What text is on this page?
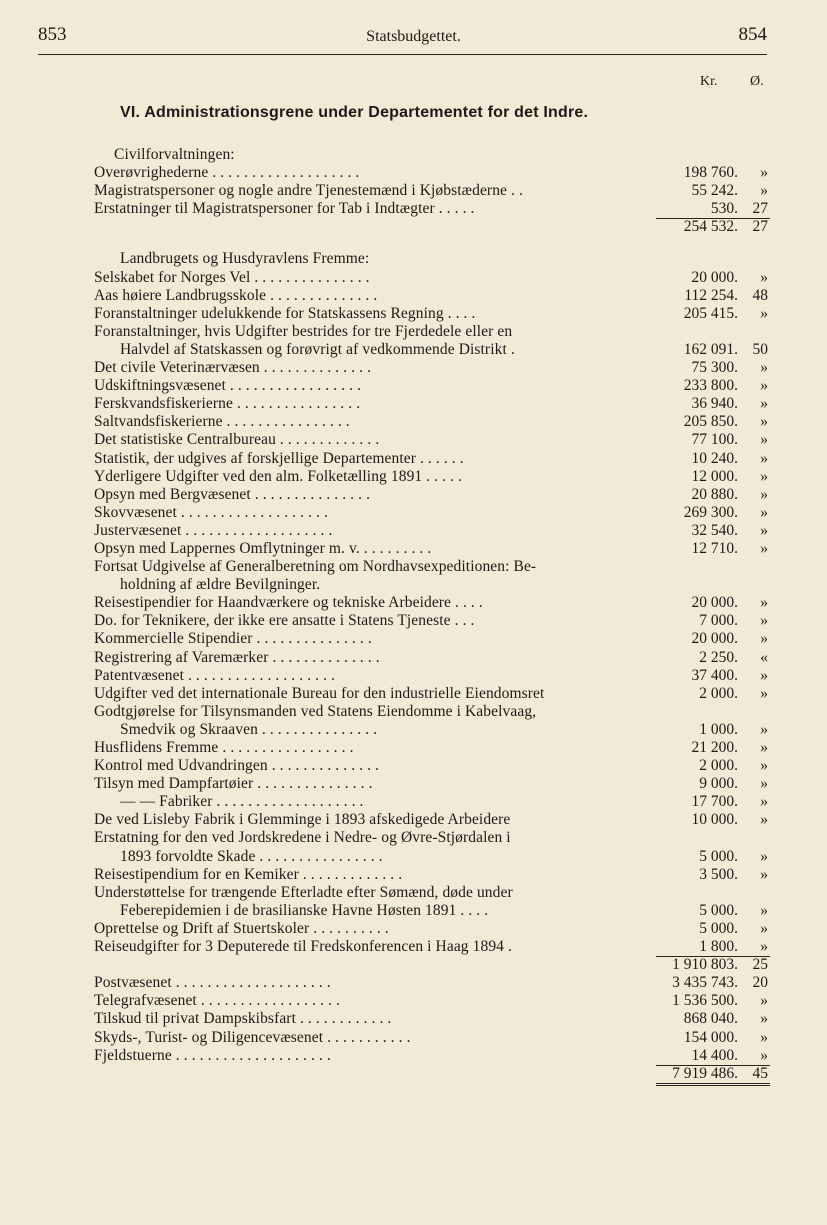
853	Statsbudgettet.	854
Kr. Ø.
VI. Administrationsgrene under Departementet for det Indre.
Civilforvaltningen:
Overøvrighederne . . . . . . . . . . . . . . . . . . .	198 760.	»
Magistratspersoner og nogle andre Tjenestemænd i Kjøbstæderne . .	55 242.	»
Erstatninger til Magistratspersoner for Tab i Indtægter . . . . .	530. 27
254 532. 27
Landbrugets og Husdyravlens Fremme:
Selskabet for Norges Vel . . . . . . . . . . . . . . .	20 000.	»
Aas høiere Landbrugsskole . . . . . . . . . . . . . .	112 254. 48
Foranstaltninger udelukkende for Statskassens Regning . . . .	205 415.	»
Foranstaltninger, hvis Udgifter bestrides for tre Fjerdedele eller en
Halvdel af Statskassen og forøvrigt af vedkommende Distrikt .	162 091. 50
Det civile Veterinærvæsen . . . . . . . . . . . . . .	75 300.	»
Udskiftningsvæsenet . . . . . . . . . . . . . . . . .	233 800.	»
Ferskvandsfiskerierne . . . . . . . . . . . . . . . .	36 940.	»
Saltvandsfiskerierne . . . . . . . . . . . . . . . .	205 850.	»
Det statistiske Centralbureau . . . . . . . . . . . . .	77 100.	»
Statistik, der udgives af forskjellige Departementer . . . . . .	10 240.	»
Yderligere Udgifter ved den alm. Folketælling 1891 . . . . .	12 000.	»
Opsyn med Bergvæsenet . . . . . . . . . . . . . . .	20 880.	»
Skovvæsenet . . . . . . . . . . . . . . . . . . .	269 300.	»
Justervæsenet . . . . . . . . . . . . . . . . . . .	32 540.	»
Opsyn med Lappernes Omflytninger m. v. . . . . . . . . .	12 710.	»
Fortsat Udgivelse af Generalberetning om Nordhavsexpeditionen: Be-
holdning af ældre Bevilgninger.
Reisestipendier for Haandværkere og tekniske Arbeidere . . . .	20 000.	»
Do. for Teknikere, der ikke ere ansatte i Statens Tjeneste . . .	7 000.	»
Kommercielle Stipendier . . . . . . . . . . . . . . .	20 000.	»
Registrering af Varemærker . . . . . . . . . . . . . .	2 250.	«
Patentvæsenet . . . . . . . . . . . . . . . . . . .	37 400.	»
Udgifter ved det internationale Bureau for den industrielle Eiendomsret	2 000.	»
Godtgjørelse for Tilsynsmanden ved Statens Eiendomme i Kabelvaag,
Smedvik og Skraaven . . . . . . . . . . . . . . .	1 000.	»
Husflidens Fremme . . . . . . . . . . . . . . . . .	21 200.	»
Kontrol med Udvandringen . . . . . . . . . . . . . .	2 000.	»
Tilsyn med Dampfartøier . . . . . . . . . . . . . . .	9 000.	»
— — Fabriker . . . . . . . . . . . . . . . . . . .	17 700.	»
De ved Lisleby Fabrik i Glemminge i 1893 afskedigede Arbeidere	10 000.	»
Erstatning for den ved Jordskredene i Nedre- og Øvre-Stjørdalen i
1893 forvoldte Skade . . . . . . . . . . . . . . . .	5 000.	»
Reisestipendium for en Kemiker . . . . . . . . . . . . .	3 500.	»
Understøttelse for trængende Efterladte efter Sømænd, døde under
Feberepidemien i de brasilianske Havne Høsten 1891 . . . .	5 000.	»
Oprettelse og Drift af Stuertskoler . . . . . . . . . .	5 000.	»
Reiseudgifter for 3 Deputerede til Fredskonferencen i Haag 1894 .	1 800.	»
1 910 803. 25
Postvæsenet . . . . . . . . . . . . . . . . . . . .	3 435 743. 20
Telegrafvæsenet . . . . . . . . . . . . . . . . . .	1 536 500.	»
Tilskud til privat Dampskibsfart . . . . . . . . . . . .	868 040.	»
Skyds-, Turist- og Diligencevæsenet . . . . . . . . . . .	154 000.	»
Fjeldstuerne . . . . . . . . . . . . . . . . . . . .	14 400.	»
7 919 486. 45
